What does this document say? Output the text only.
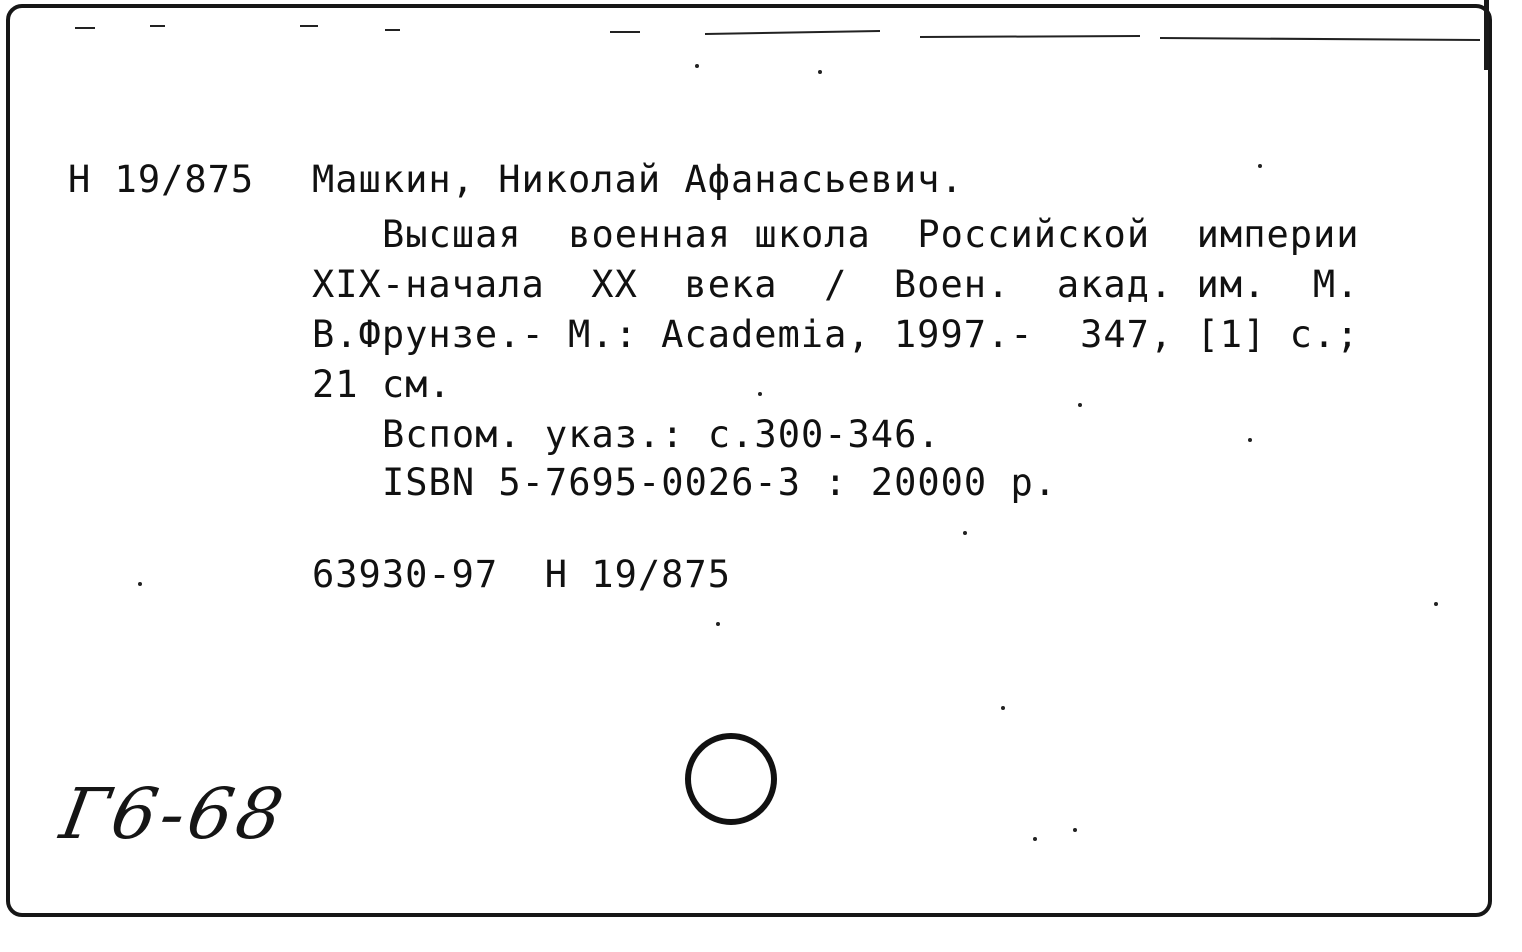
Н 19/875 Машкин, Николай Афанасьевич.
Высшая  военная школа  Российской  империи
XIX-начала  XX  века  /  Воен.  акад. им.  М.
В.Фрунзе.- М.: Academia, 1997.-  347, [1] с.;
21 см.
Вспом. указ.: с.300-346.
ISBN 5-7695-0026-3 : 20000 р.
63930-97  Н 19/875
Г6-68
